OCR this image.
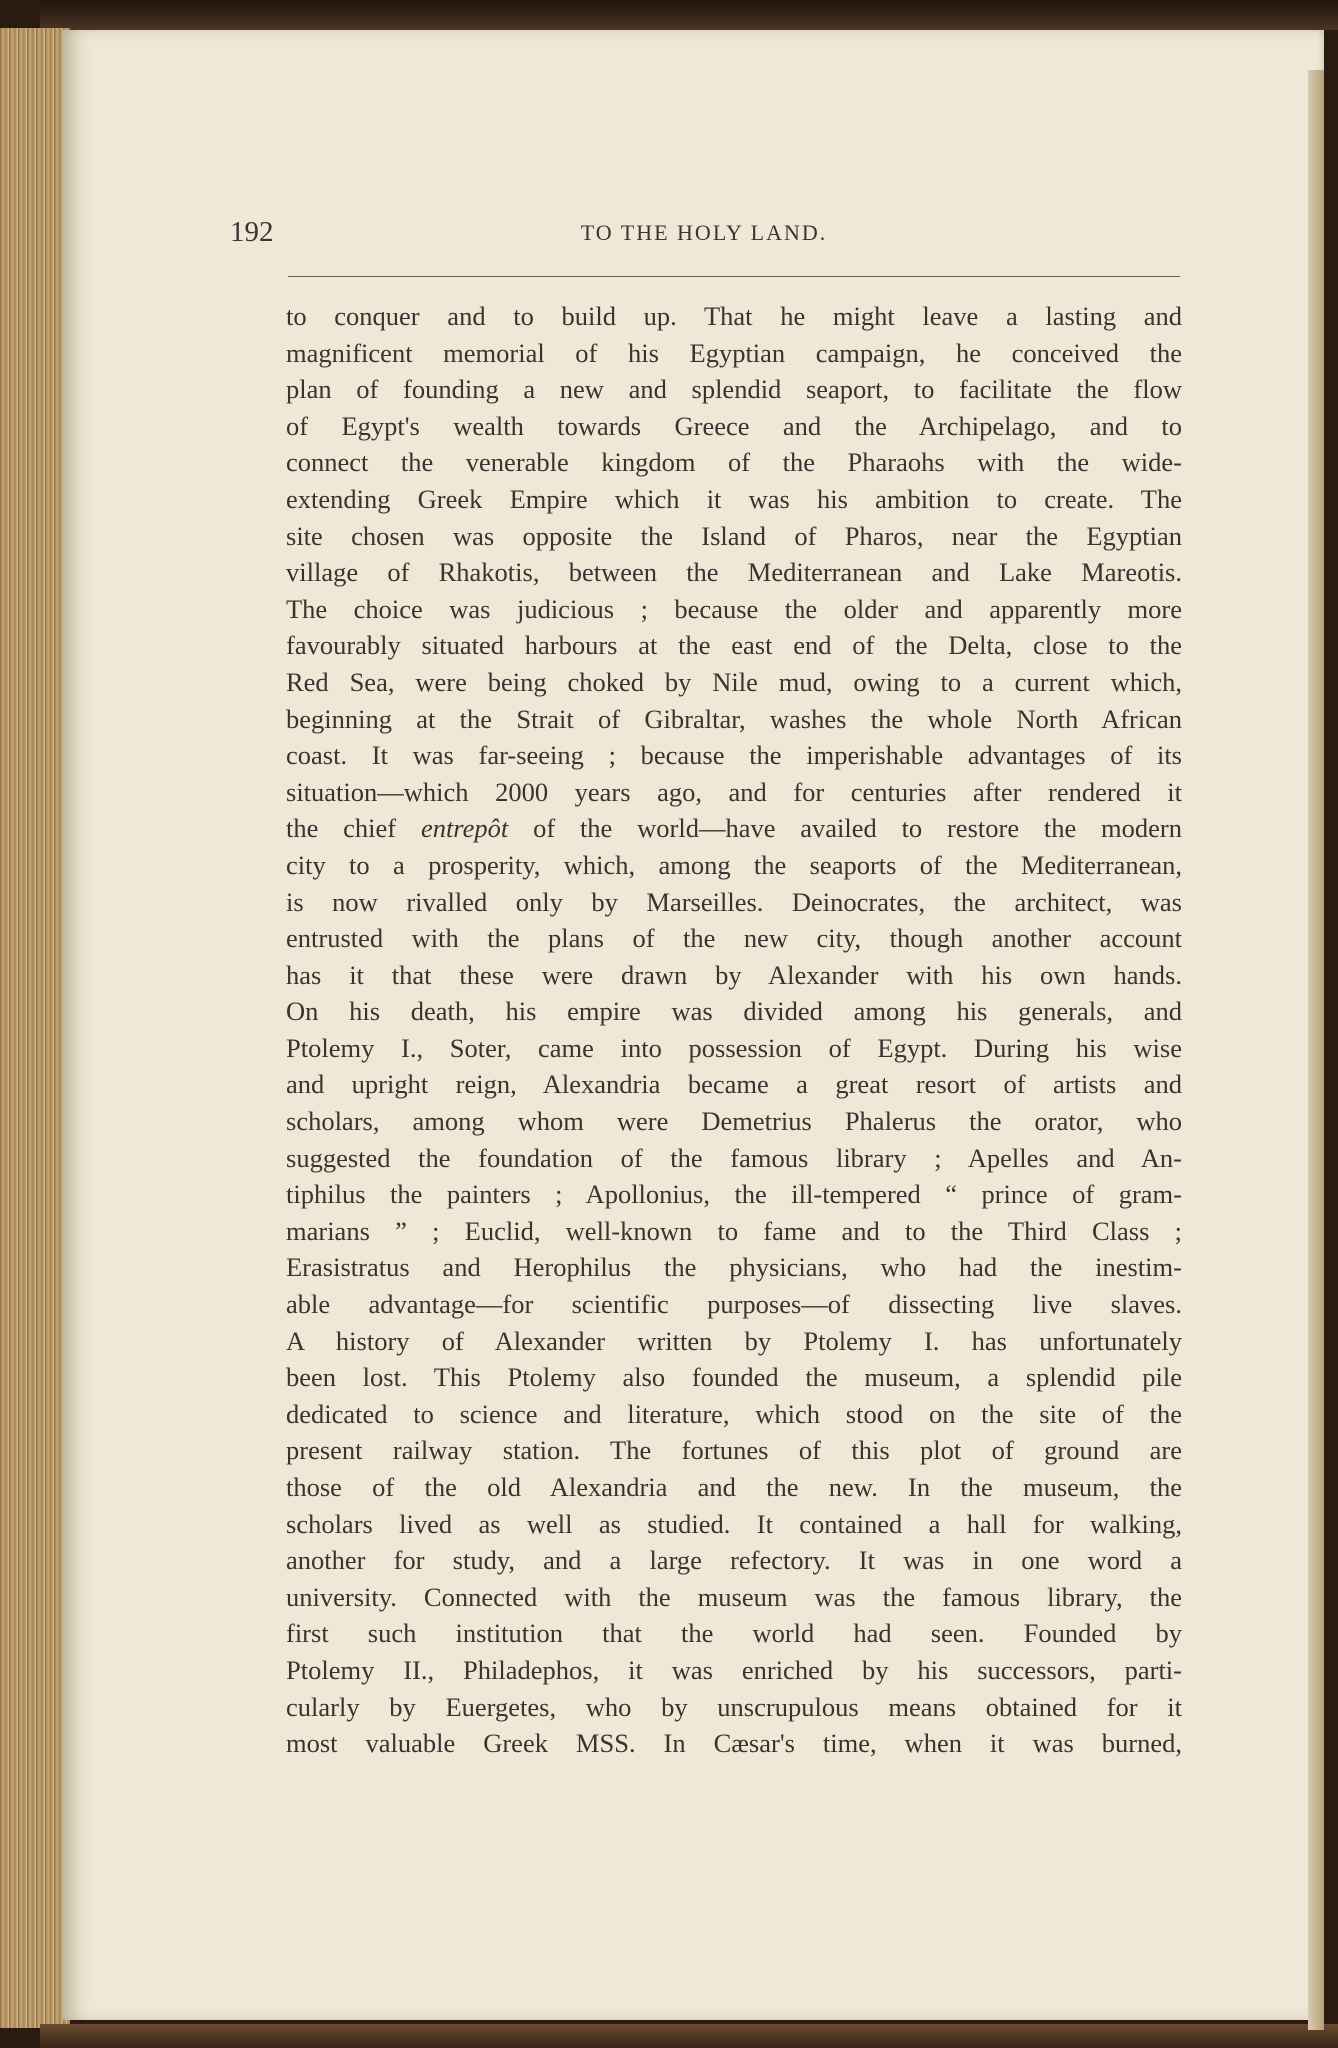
192	TO THE HOLY LAND.
to conquer and to build up. That he might leave a lasting and
magnificent memorial of his Egyptian campaign, he conceived the
plan of founding a new and splendid seaport, to facilitate the flow
of Egypt's wealth towards Greece and the Archipelago, and to
connect the venerable kingdom of the Pharaohs with the wide-
extending Greek Empire which it was his ambition to create. The
site chosen was opposite the Island of Pharos, near the Egyptian
village of Rhakotis, between the Mediterranean and Lake Mareotis.
The choice was judicious ; because the older and apparently more
favourably situated harbours at the east end of the Delta, close to the
Red Sea, were being choked by Nile mud, owing to a current which,
beginning at the Strait of Gibraltar, washes the whole North African
coast. It was far-seeing ; because the imperishable advantages of its
situation—which 2000 years ago, and for centuries after rendered it
the chief entrepôt of the world—have availed to restore the modern
city to a prosperity, which, among the seaports of the Mediterranean,
is now rivalled only by Marseilles. Deinocrates, the architect, was
entrusted with the plans of the new city, though another account
has it that these were drawn by Alexander with his own hands.
On his death, his empire was divided among his generals, and
Ptolemy I., Soter, came into possession of Egypt. During his wise
and upright reign, Alexandria became a great resort of artists and
scholars, among whom were Demetrius Phalerus the orator, who
suggested the foundation of the famous library ; Apelles and An-
tiphilus the painters ; Apollonius, the ill-tempered “ prince of gram-
marians ” ; Euclid, well-known to fame and to the Third Class ;
Erasistratus and Herophilus the physicians, who had the inestim-
able advantage—for scientific purposes—of dissecting live slaves.
A history of Alexander written by Ptolemy I. has unfortunately
been lost. This Ptolemy also founded the museum, a splendid pile
dedicated to science and literature, which stood on the site of the
present railway station. The fortunes of this plot of ground are
those of the old Alexandria and the new. In the museum, the
scholars lived as well as studied. It contained a hall for walking,
another for study, and a large refectory. It was in one word a
university. Connected with the museum was the famous library, the
first such institution that the world had seen. Founded by
Ptolemy II., Philadephos, it was enriched by his successors, parti-
cularly by Euergetes, who by unscrupulous means obtained for it
most valuable Greek MSS. In Cæsar's time, when it was burned,
